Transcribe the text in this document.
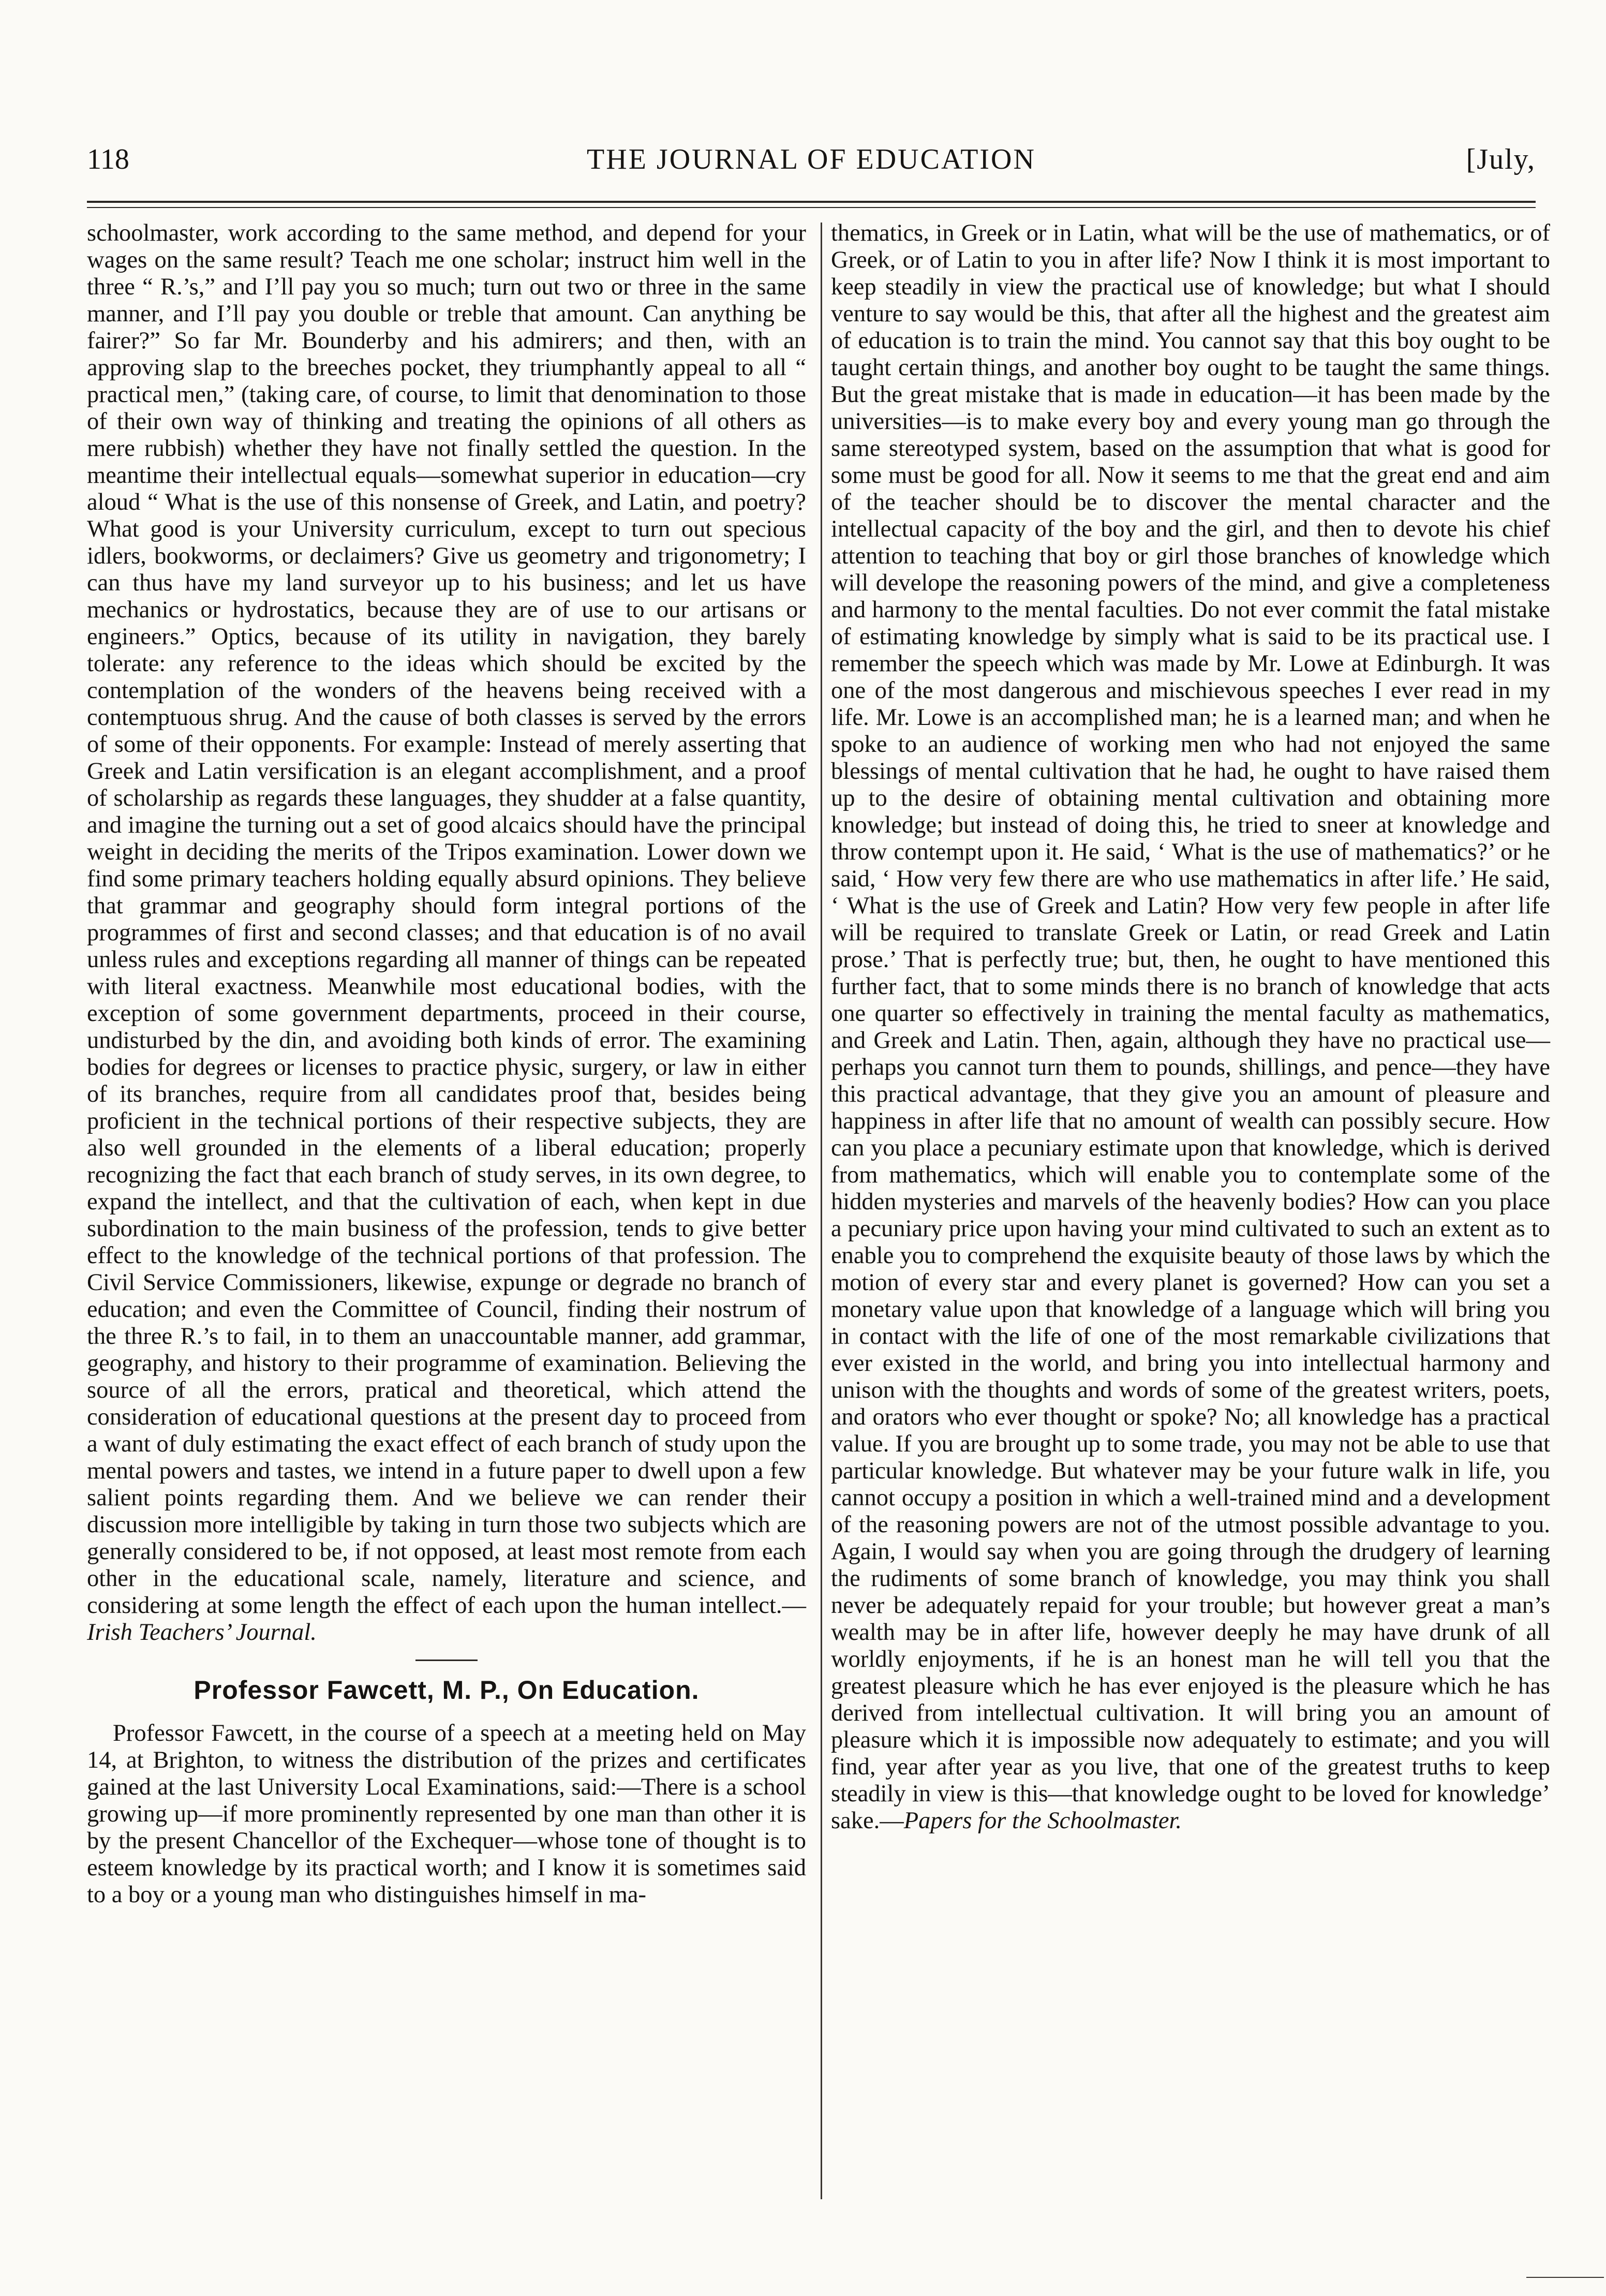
118	THE JOURNAL OF EDUCATION	[July,

schoolmaster, work according to the same method, and depend for your wages on the same result? Teach me one scholar; instruct him well in the three “ R.’s,” and I’ll pay you so much; turn out two or three in the same manner, and I’ll pay you double or treble that amount. Can anything be fairer?” So far Mr. Bounderby and his admirers; and then, with an approving slap to the breeches pocket, they triumphantly appeal to all “ practical men,” (taking care, of course, to limit that denomination to those of their own way of thinking and treating the opinions of all others as mere rubbish) whether they have not finally settled the question. In the meantime their intellectual equals—somewhat superior in education—cry aloud “ What is the use of this nonsense of Greek, and Latin, and poetry? What good is your University curriculum, except to turn out specious idlers, bookworms, or declaimers? Give us geometry and trigonometry; I can thus have my land surveyor up to his business; and let us have mechanics or hydrostatics, because they are of use to our artisans or engineers.” Optics, because of its utility in navigation, they barely tolerate: any reference to the ideas which should be excited by the contemplation of the wonders of the heavens being received with a contemptuous shrug. And the cause of both classes is served by the errors of some of their opponents. For example: Instead of merely asserting that Greek and Latin versification is an elegant accomplishment, and a proof of scholarship as regards these languages, they shudder at a false quantity, and imagine the turning out a set of good alcaics should have the principal weight in deciding the merits of the Tripos examination. Lower down we find some primary teachers holding equally absurd opinions. They believe that grammar and geography should form integral portions of the programmes of first and second classes; and that education is of no avail unless rules and exceptions regarding all manner of things can be repeated with literal exactness. Meanwhile most educational bodies, with the exception of some government departments, proceed in their course, undisturbed by the din, and avoiding both kinds of error. The examining bodies for degrees or licenses to practice physic, surgery, or law in either of its branches, require from all candidates proof that, besides being proficient in the technical portions of their respective subjects, they are also well grounded in the elements of a liberal education; properly recognizing the fact that each branch of study serves, in its own degree, to expand the intellect, and that the cultivation of each, when kept in due subordination to the main business of the profession, tends to give better effect to the knowledge of the technical portions of that profession. The Civil Service Commissioners, likewise, expunge or degrade no branch of education; and even the Committee of Council, finding their nostrum of the three R.’s to fail, in to them an unaccountable manner, add grammar, geography, and history to their programme of examination. Believing the source of all the errors, pratical and theoretical, which attend the consideration of educational questions at the present day to proceed from a want of duly estimating the exact effect of each branch of study upon the mental powers and tastes, we intend in a future paper to dwell upon a few salient points regarding them. And we believe we can render their discussion more intelligible by taking in turn those two subjects which are generally considered to be, if not opposed, at least most remote from each other in the educational scale, namely, literature and science, and considering at some length the effect of each upon the human intellect.—Irish Teachers’ Journal.

Professor Fawcett, M. P., On Education.

Professor Fawcett, in the course of a speech at a meeting held on May 14, at Brighton, to witness the distribution of the prizes and certificates gained at the last University Local Examinations, said:—There is a school growing up—if more prominently represented by one man than other it is by the present Chancellor of the Exchequer—whose tone of thought is to esteem knowledge by its practical worth; and I know it is sometimes said to a boy or a young man who distinguishes himself in ma-

thematics, in Greek or in Latin, what will be the use of mathematics, or of Greek, or of Latin to you in after life? Now I think it is most important to keep steadily in view the practical use of knowledge; but what I should venture to say would be this, that after all the highest and the greatest aim of education is to train the mind. You cannot say that this boy ought to be taught certain things, and another boy ought to be taught the same things. But the great mistake that is made in education—it has been made by the universities—is to make every boy and every young man go through the same stereotyped system, based on the assumption that what is good for some must be good for all. Now it seems to me that the great end and aim of the teacher should be to discover the mental character and the intellectual capacity of the boy and the girl, and then to devote his chief attention to teaching that boy or girl those branches of knowledge which will develope the reasoning powers of the mind, and give a completeness and harmony to the mental faculties. Do not ever commit the fatal mistake of estimating knowledge by simply what is said to be its practical use. I remember the speech which was made by Mr. Lowe at Edinburgh. It was one of the most dangerous and mischievous speeches I ever read in my life. Mr. Lowe is an accomplished man; he is a learned man; and when he spoke to an audience of working men who had not enjoyed the same blessings of mental cultivation that he had, he ought to have raised them up to the desire of obtaining mental cultivation and obtaining more knowledge; but instead of doing this, he tried to sneer at knowledge and throw contempt upon it. He said, ‘ What is the use of mathematics?’ or he said, ‘ How very few there are who use mathematics in after life.’ He said, ‘ What is the use of Greek and Latin? How very few people in after life will be required to translate Greek or Latin, or read Greek and Latin prose.’ That is perfectly true; but, then, he ought to have mentioned this further fact, that to some minds there is no branch of knowledge that acts one quarter so effectively in training the mental faculty as mathematics, and Greek and Latin. Then, again, although they have no practical use—perhaps you cannot turn them to pounds, shillings, and pence—they have this practical advantage, that they give you an amount of pleasure and happiness in after life that no amount of wealth can possibly secure. How can you place a pecuniary estimate upon that knowledge, which is derived from mathematics, which will enable you to contemplate some of the hidden mysteries and marvels of the heavenly bodies? How can you place a pecuniary price upon having your mind cultivated to such an extent as to enable you to comprehend the exquisite beauty of those laws by which the motion of every star and every planet is governed? How can you set a monetary value upon that knowledge of a language which will bring you in contact with the life of one of the most remarkable civilizations that ever existed in the world, and bring you into intellectual harmony and unison with the thoughts and words of some of the greatest writers, poets, and orators who ever thought or spoke? No; all knowledge has a practical value. If you are brought up to some trade, you may not be able to use that particular knowledge. But whatever may be your future walk in life, you cannot occupy a position in which a well-trained mind and a development of the reasoning powers are not of the utmost possible advantage to you. Again, I would say when you are going through the drudgery of learning the rudiments of some branch of knowledge, you may think you shall never be adequately repaid for your trouble; but however great a man’s wealth may be in after life, however deeply he may have drunk of all worldly enjoyments, if he is an honest man he will tell you that the greatest pleasure which he has ever enjoyed is the pleasure which he has derived from intellectual cultivation. It will bring you an amount of pleasure which it is impossible now adequately to estimate; and you will find, year after year as you live, that one of the greatest truths to keep steadily in view is this—that knowledge ought to be loved for knowledge’ sake.—Papers for the Schoolmaster.
